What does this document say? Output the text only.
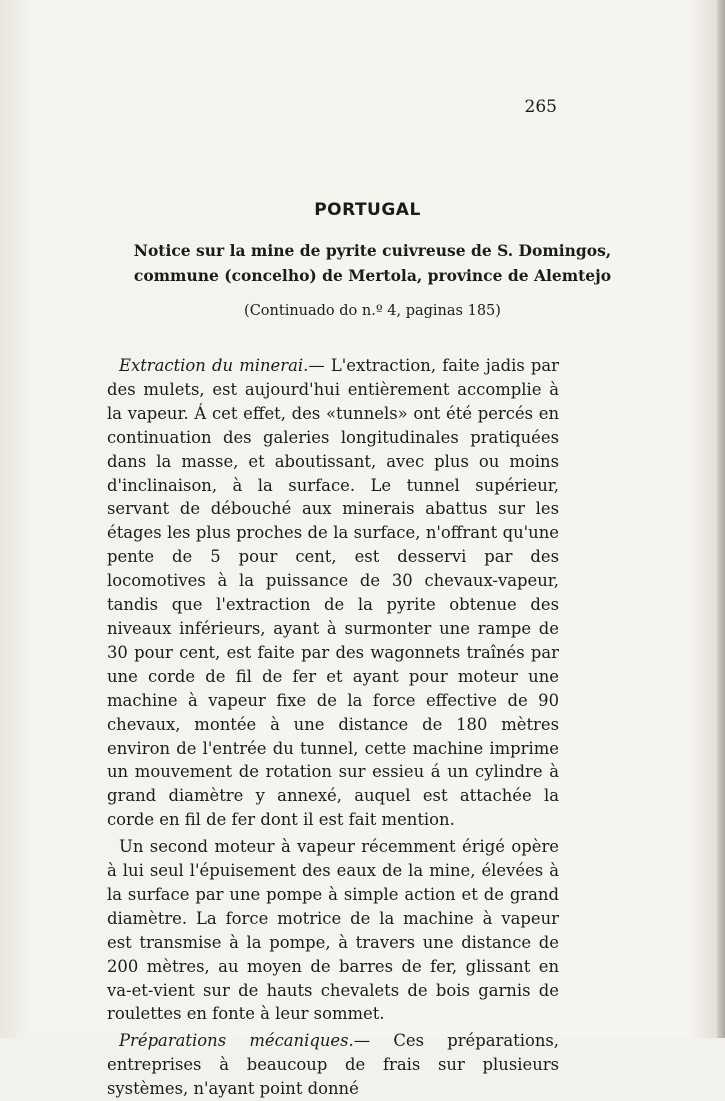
265
PORTUGAL
Notice sur la mine de pyrite cuivreuse de S. Domingos,
commune (concelho) de Mertola, province de Alemtejo
(Continuado do n.º 4, paginas 185)

Extraction du minerai.— L'extraction, faite jadis par des mulets, est aujourd'hui entièrement accomplie à la vapeur. Á cet effet, des «tunnels» ont été percés en continuation des galeries longitudinales pratiquées dans la masse, et aboutissant, avec plus ou moins d'inclinaison, à la surface. Le tunnel supérieur, servant de débouché aux minerais abattus sur les étages les plus proches de la surface, n'offrant qu'une pente de 5 pour cent, est desservi par des locomotives à la puissance de 30 chevaux-vapeur, tandis que l'extraction de la pyrite obtenue des niveaux inférieurs, ayant à surmonter une rampe de 30 pour cent, est faite par des wagonnets traînés par une corde de fil de fer et ayant pour moteur une machine à vapeur fixe de la force effective de 90 chevaux, montée à une distance de 180 mètres environ de l'entrée du tunnel, cette machine imprime un mouvement de rotation sur essieu á un cylindre à grand diamètre y annexé, auquel est attachée la corde en fil de fer dont il est fait mention.

Un second moteur à vapeur récemment érigé opère à lui seul l'épuisement des eaux de la mine, élevées à la surface par une pompe à simple action et de grand diamètre. La force motrice de la machine à vapeur est transmise à la pompe, à travers une distance de 200 mètres, au moyen de barres de fer, glissant en va-et-vient sur de hauts chevalets de bois garnis de roulettes en fonte à leur sommet.

Préparations mécaniques.— Ces préparations, entreprises à beaucoup de frais sur plusieurs systèmes, n'ayant point donné
